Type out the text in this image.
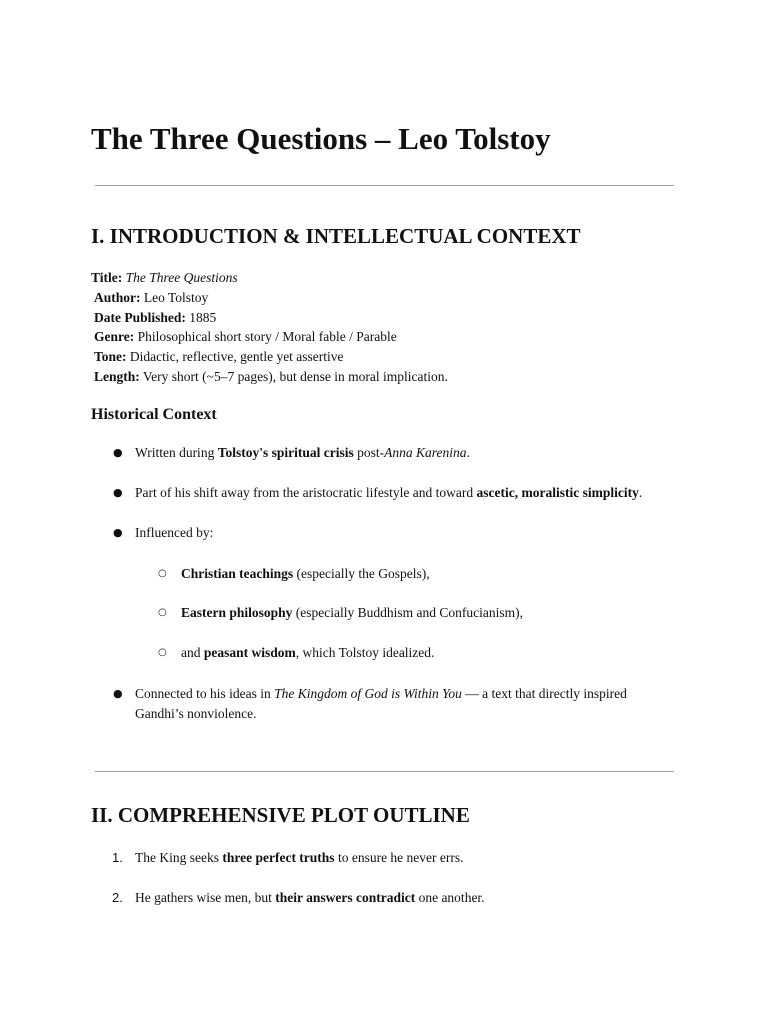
The Three Questions – Leo Tolstoy
I. INTRODUCTION & INTELLECTUAL CONTEXT
Title: The Three Questions
Author: Leo Tolstoy
Date Published: 1885
Genre: Philosophical short story / Moral fable / Parable
Tone: Didactic, reflective, gentle yet assertive
Length: Very short (~5–7 pages), but dense in moral implication.
Historical Context
● Written during Tolstoy's spiritual crisis post-Anna Karenina.
● Part of his shift away from the aristocratic lifestyle and toward ascetic, moralistic simplicity.
● Influenced by:
○ Christian teachings (especially the Gospels),
○ Eastern philosophy (especially Buddhism and Confucianism),
○ and peasant wisdom, which Tolstoy idealized.
● Connected to his ideas in The Kingdom of God is Within You — a text that directly inspired Gandhi’s nonviolence.
II. COMPREHENSIVE PLOT OUTLINE
1. The King seeks three perfect truths to ensure he never errs.
2. He gathers wise men, but their answers contradict one another.
